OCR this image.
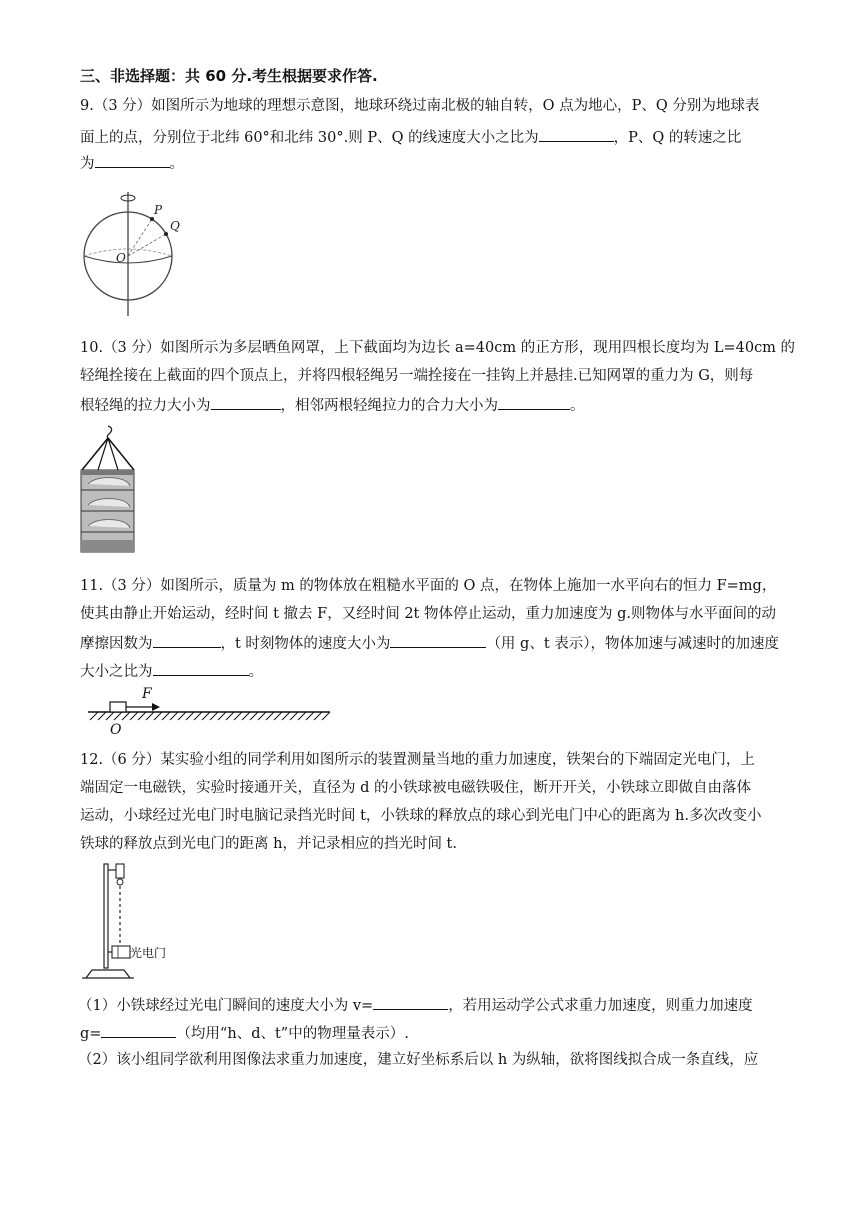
三、非选择题：共 60 分.考生根据要求作答.
9.（3 分）如图所示为地球的理想示意图，地球环绕过南北极的轴自转，O 点为地心，P、Q 分别为地球表
面上的点，分别位于北纬 60°和北纬 30°.则 P、Q 的线速度大小之比为	，P、Q 的转速之比
为	。
P
Q
O
10.（3 分）如图所示为多层晒鱼网罩，上下截面均为边长 a=40cm 的正方形，现用四根长度均为 L=40cm 的
轻绳拴接在上截面的四个顶点上，并将四根轻绳另一端拴接在一挂钩上并悬挂.已知网罩的重力为 G，则每
根轻绳的拉力大小为	，相邻两根轻绳拉力的合力大小为	。
11.（3 分）如图所示，质量为 m 的物体放在粗糙水平面的 O 点，在物体上施加一水平向右的恒力 F=mg，
使其由静止开始运动，经时间 t 撤去 F，又经时间 2t 物体停止运动，重力加速度为 g.则物体与水平面间的动
摩擦因数为	，t 时刻物体的速度大小为	（用 g、t 表示），物体加速与减速时的加速度
大小之比为	。
F
O
12.（6 分）某实验小组的同学利用如图所示的装置测量当地的重力加速度，铁架台的下端固定光电门，上
端固定一电磁铁，实验时接通开关，直径为 d 的小铁球被电磁铁吸住，断开开关，小铁球立即做自由落体
运动，小球经过光电门时电脑记录挡光时间 t，小铁球的释放点的球心到光电门中心的距离为 h.多次改变小
铁球的释放点到光电门的距离 h，并记录相应的挡光时间 t.
光电门
（1）小铁球经过光电门瞬间的速度大小为 v=	，若用运动学公式求重力加速度，则重力加速度
g=	（均用“h、d、t”中的物理量表示）.
（2）该小组同学欲利用图像法求重力加速度，建立好坐标系后以 h 为纵轴，欲将图线拟合成一条直线，应
